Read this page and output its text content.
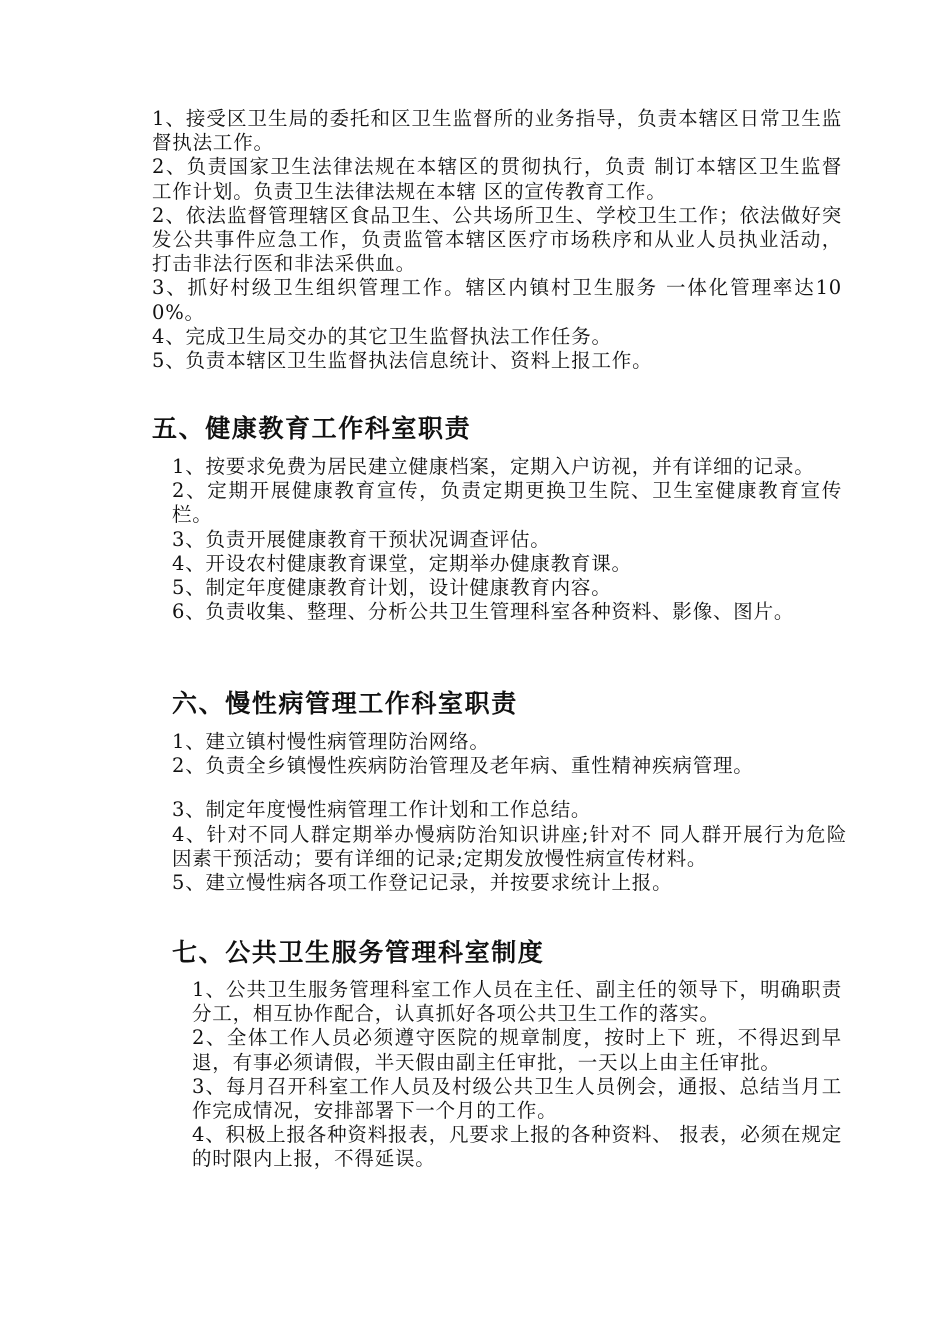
1、接受区卫生局的委托和区卫生监督所的业务指导，负责本辖区日常卫生监督执法工作。

2、负责国家卫生法律法规在本辖区的贯彻执行，负责 制订本辖区卫生监督工作计划。负责卫生法律法规在本辖 区的宣传教育工作。

2、依法监督管理辖区食品卫生、公共场所卫生、学校卫生工作；依法做好突发公共事件应急工作，负责监管本辖区医疗市场秩序和从业人员执业活动，打击非法行医和非法采供血。

3、抓好村级卫生组织管理工作。辖区内镇村卫生服务 一体化管理率达100%。

4、完成卫生局交办的其它卫生监督执法工作任务。

5、负责本辖区卫生监督执法信息统计、资料上报工作。

五、健康教育工作科室职责

1、按要求免费为居民建立健康档案，定期入户访视，并有详细的记录。

2、定期开展健康教育宣传，负责定期更换卫生院、卫生室健康教育宣传栏。

3、负责开展健康教育干预状况调查评估。

4、开设农村健康教育课堂，定期举办健康教育课。

5、制定年度健康教育计划，设计健康教育内容。

6、负责收集、整理、分析公共卫生管理科室各种资料、影像、图片。

六、慢性病管理工作科室职责

1、建立镇村慢性病管理防治网络。

2、负责全乡镇慢性疾病防治管理及老年病、重性精神疾病管理。

3、制定年度慢性病管理工作计划和工作总结。

4、针对不同人群定期举办慢病防治知识讲座;针对不 同人群开展行为危险因素干预活动；要有详细的记录;定期发放慢性病宣传材料。

5、建立慢性病各项工作登记记录，并按要求统计上报。

七、公共卫生服务管理科室制度

1、公共卫生服务管理科室工作人员在主任、副主任的领导下，明确职责分工，相互协作配合，认真抓好各项公共卫生工作的落实。

2、全体工作人员必须遵守医院的规章制度，按时上下 班，不得迟到早退，有事必须请假，半天假由副主任审批，一天以上由主任审批。

3、每月召开科室工作人员及村级公共卫生人员例会，通报、总结当月工作完成情况，安排部署下一个月的工作。

4、积极上报各种资料报表，凡要求上报的各种资料、 报表，必须在规定的时限内上报，不得延误。
